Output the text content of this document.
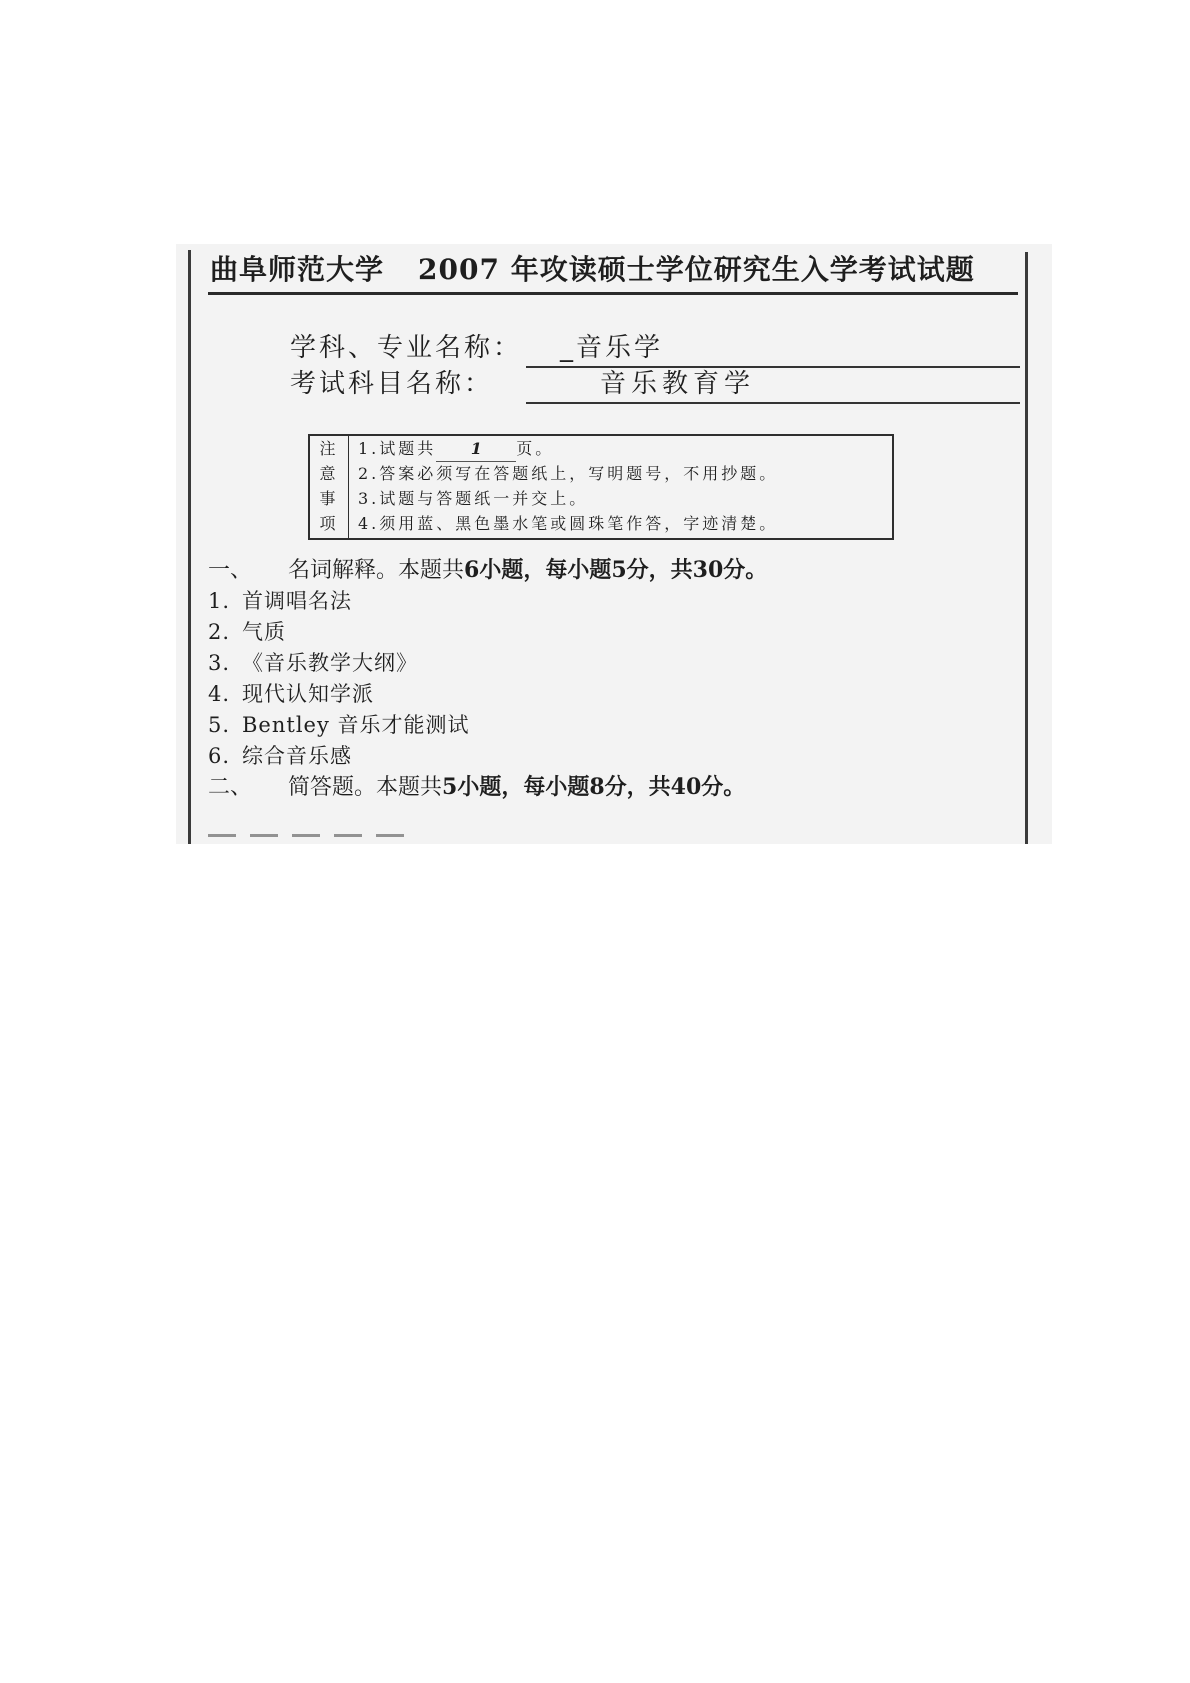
曲阜师范大学 2007 年攻读硕士学位研究生入学考试试题
学科、专业名称： _音乐学
考试科目名称：	音乐教育学
注
意
事
项
1.试题共 1 页。
2.答案必须写在答题纸上，写明题号，不用抄题。
3.试题与答题纸一并交上。
4.须用蓝、黑色墨水笔或圆珠笔作答，字迹清楚。
一、 名词解释。本题共6小题，每小题5分，共30分。
1. 首调唱名法
2. 气质
3. 《音乐教学大纲》
4. 现代认知学派
5. Bentley 音乐才能测试
6. 综合音乐感
二、 简答题。本题共5小题，每小题8分，共40分。
